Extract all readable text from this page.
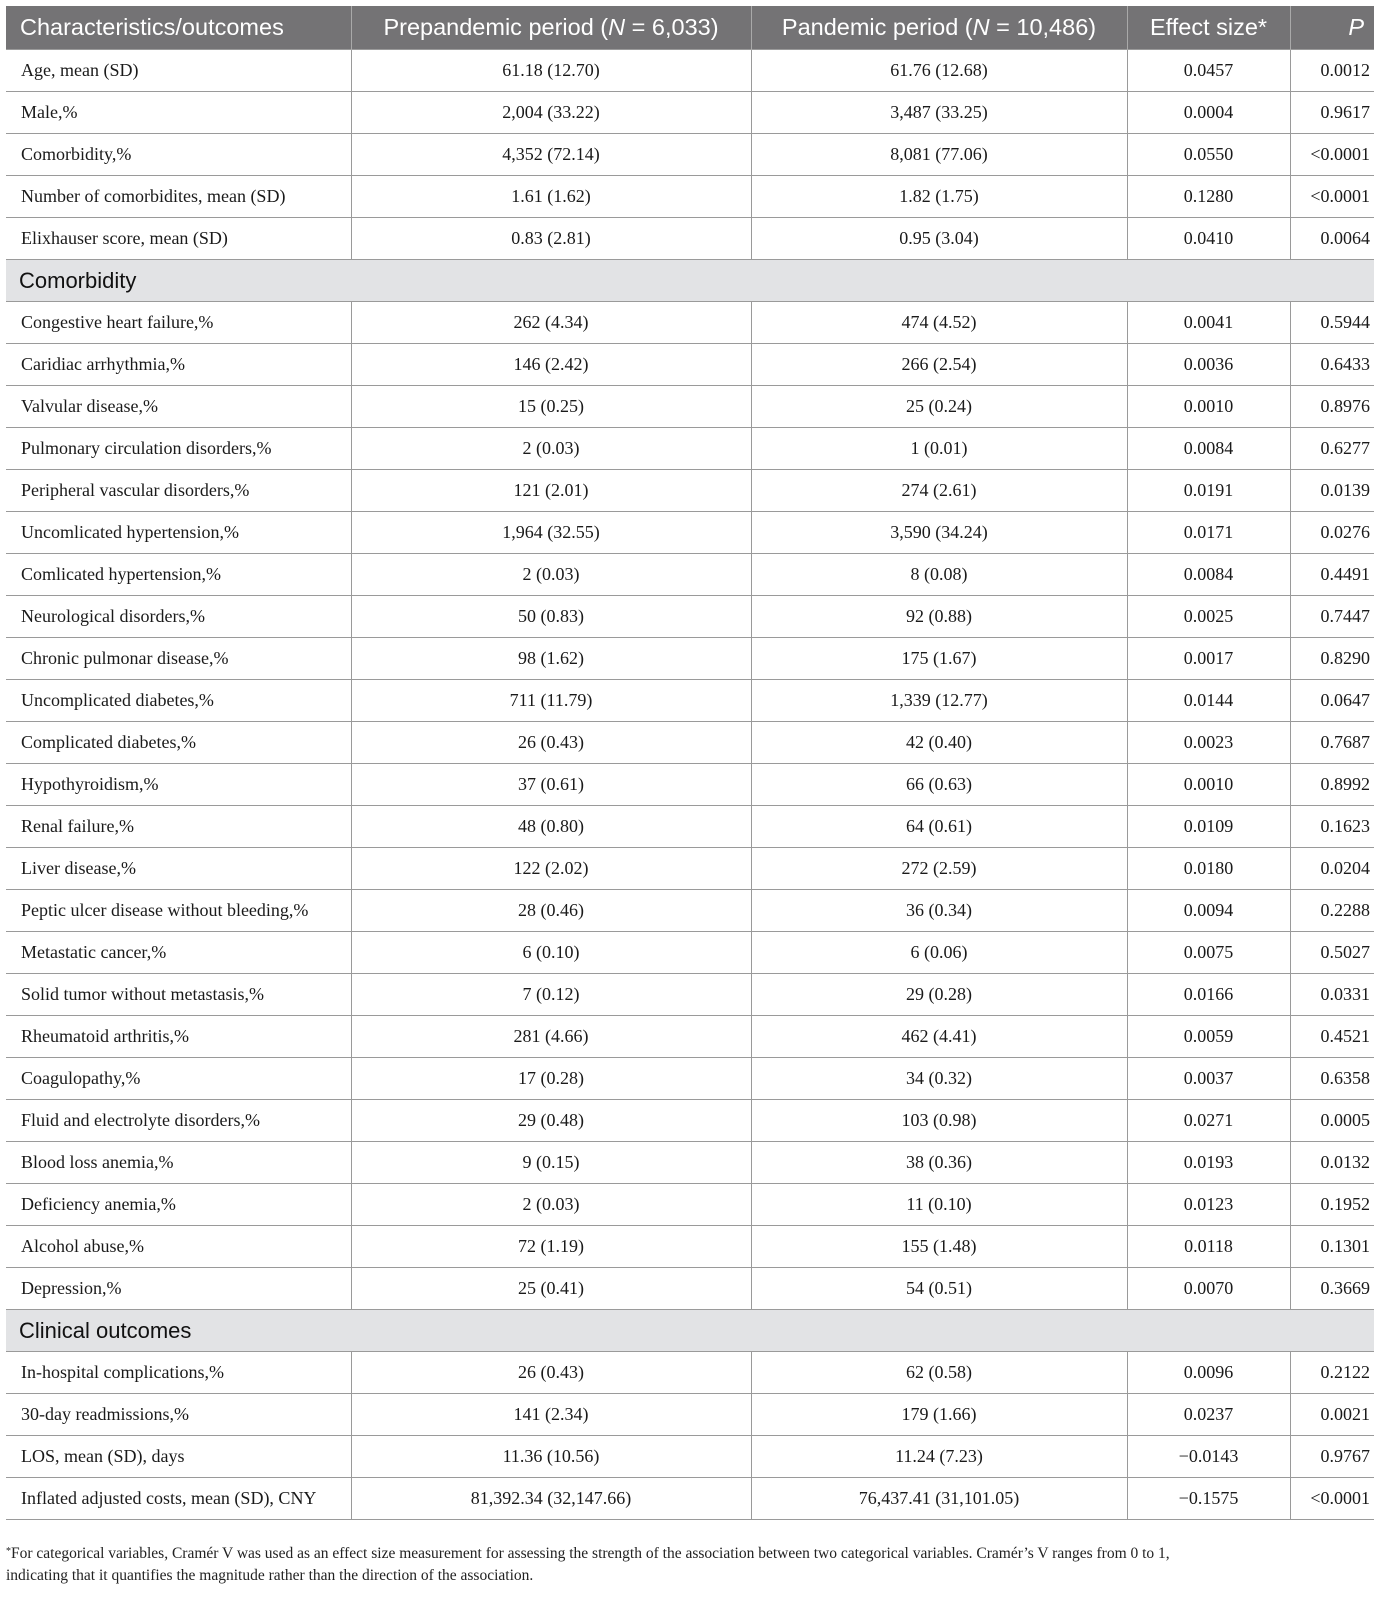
Characteristics/outcomes	Prepandemic period (N = 6,033)	Pandemic period (N = 10,486)	Effect size*	P
Age, mean (SD)	61.18 (12.70)	61.76 (12.68)	0.0457	0.0012
Male,%	2,004 (33.22)	3,487 (33.25)	0.0004	0.9617
Comorbidity,%	4,352 (72.14)	8,081 (77.06)	0.0550	<0.0001
Number of comorbidites, mean (SD)	1.61 (1.62)	1.82 (1.75)	0.1280	<0.0001
Elixhauser score, mean (SD)	0.83 (2.81)	0.95 (3.04)	0.0410	0.0064
Comorbidity				
Congestive heart failure,%	262 (4.34)	474 (4.52)	0.0041	0.5944
Caridiac arrhythmia,%	146 (2.42)	266 (2.54)	0.0036	0.6433
Valvular disease,%	15 (0.25)	25 (0.24)	0.0010	0.8976
Pulmonary circulation disorders,%	2 (0.03)	1 (0.01)	0.0084	0.6277
Peripheral vascular disorders,%	121 (2.01)	274 (2.61)	0.0191	0.0139
Uncomlicated hypertension,%	1,964 (32.55)	3,590 (34.24)	0.0171	0.0276
Comlicated hypertension,%	2 (0.03)	8 (0.08)	0.0084	0.4491
Neurological disorders,%	50 (0.83)	92 (0.88)	0.0025	0.7447
Chronic pulmonar disease,%	98 (1.62)	175 (1.67)	0.0017	0.8290
Uncomplicated diabetes,%	711 (11.79)	1,339 (12.77)	0.0144	0.0647
Complicated diabetes,%	26 (0.43)	42 (0.40)	0.0023	0.7687
Hypothyroidism,%	37 (0.61)	66 (0.63)	0.0010	0.8992
Renal failure,%	48 (0.80)	64 (0.61)	0.0109	0.1623
Liver disease,%	122 (2.02)	272 (2.59)	0.0180	0.0204
Peptic ulcer disease without bleeding,%	28 (0.46)	36 (0.34)	0.0094	0.2288
Metastatic cancer,%	6 (0.10)	6 (0.06)	0.0075	0.5027
Solid tumor without metastasis,%	7 (0.12)	29 (0.28)	0.0166	0.0331
Rheumatoid arthritis,%	281 (4.66)	462 (4.41)	0.0059	0.4521
Coagulopathy,%	17 (0.28)	34 (0.32)	0.0037	0.6358
Fluid and electrolyte disorders,%	29 (0.48)	103 (0.98)	0.0271	0.0005
Blood loss anemia,%	9 (0.15)	38 (0.36)	0.0193	0.0132
Deficiency anemia,%	2 (0.03)	11 (0.10)	0.0123	0.1952
Alcohol abuse,%	72 (1.19)	155 (1.48)	0.0118	0.1301
Depression,%	25 (0.41)	54 (0.51)	0.0070	0.3669
Clinical outcomes				
In-hospital complications,%	26 (0.43)	62 (0.58)	0.0096	0.2122
30-day readmissions,%	141 (2.34)	179 (1.66)	0.0237	0.0021
LOS, mean (SD), days	11.36 (10.56)	11.24 (7.23)	−0.0143	0.9767
Inflated adjusted costs, mean (SD), CNY	81,392.34 (32,147.66)	76,437.41 (31,101.05)	−0.1575	<0.0001
*For categorical variables, Cramér V was used as an effect size measurement for assessing the strength of the association between two categorical variables. Cramér’s V ranges from 0 to 1,
indicating that it quantifies the magnitude rather than the direction of the association.
